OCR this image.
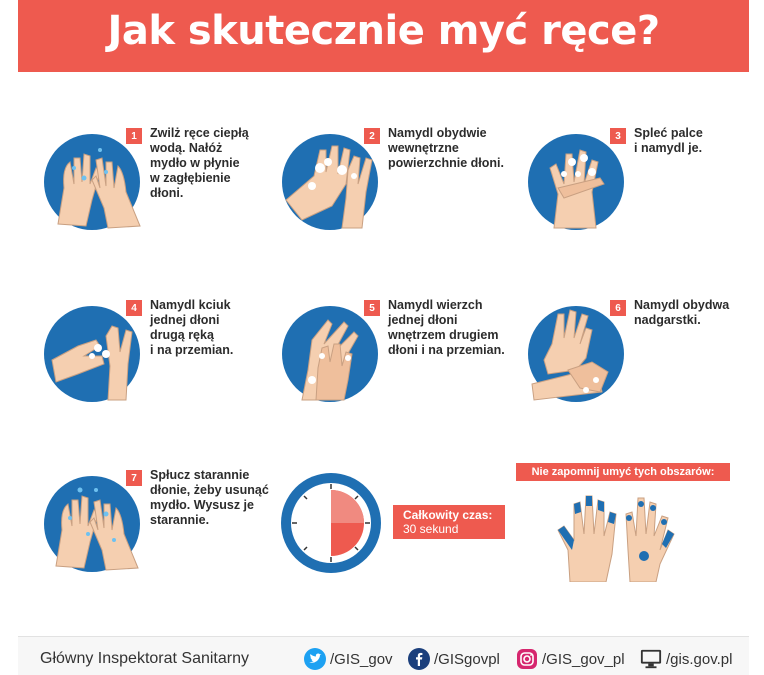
Jak skutecznie myć ręce?
1	Zwilż ręce ciepłą
wodą. Nałóż
mydło w płynie
w zagłębienie
dłoni.
2	Namydl obydwie
wewnętrzne
powierzchnie dłoni.
3	Spleć palce
i namydl je.
4	Namydl kciuk
jednej dłoni
drugą ręką
i na przemian.
5	Namydl wierzch
jednej dłoni
wnętrzem drugiem
dłoni i na przemian.
6	Namydl obydwa
nadgarstki.
7	Spłucz starannie
dłonie, żeby usunąć
mydło. Wysusz je
starannie.	Całkowity czas:
30 sekund
Nie zapomnij umyć tych obszarów:
Główny Inspektorat Sanitarny	/GIS_gov	/GISgovpl	/GIS_gov_pl	/gis.gov.pl
